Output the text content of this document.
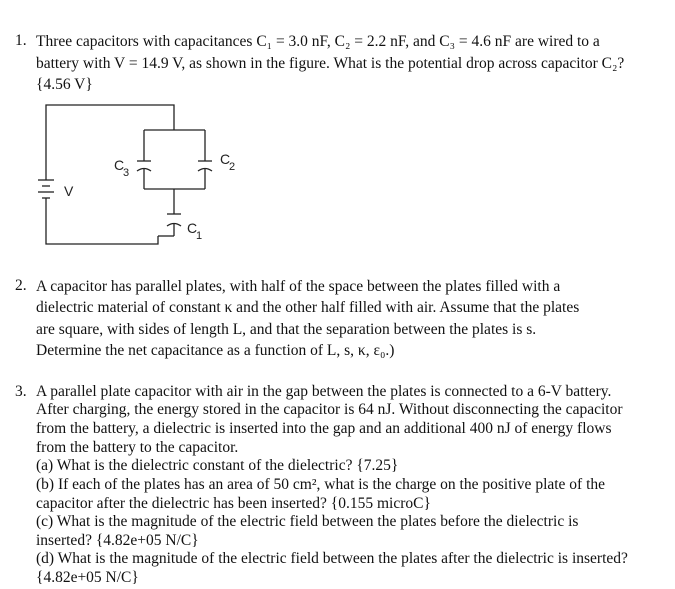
1. Three capacitors with capacitances C₁ = 3.0 nF, C₂ = 2.2 nF, and C₃ = 4.6 nF are wired to a
battery with V = 14.9 V, as shown in the figure. What is the potential drop across capacitor C₂?
{4.56 V}
C
3
C
2
C
1
V
2. A capacitor has parallel plates, with half of the space between the plates filled with a
dielectric material of constant κ and the other half filled with air. Assume that the plates
are square, with sides of length L, and that the separation between the plates is s.
Determine the net capacitance as a function of L, s, κ, ε₀.)
3. A parallel plate capacitor with air in the gap between the plates is connected to a 6-V battery.
After charging, the energy stored in the capacitor is 64 nJ. Without disconnecting the capacitor
from the battery, a dielectric is inserted into the gap and an additional 400 nJ of energy flows
from the battery to the capacitor.
(a) What is the dielectric constant of the dielectric? {7.25}
(b) If each of the plates has an area of 50 cm², what is the charge on the positive plate of the
capacitor after the dielectric has been inserted? {0.155 microC}
(c) What is the magnitude of the electric field between the plates before the dielectric is
inserted? {4.82e+05 N/C}
(d) What is the magnitude of the electric field between the plates after the dielectric is inserted?
{4.82e+05 N/C}
